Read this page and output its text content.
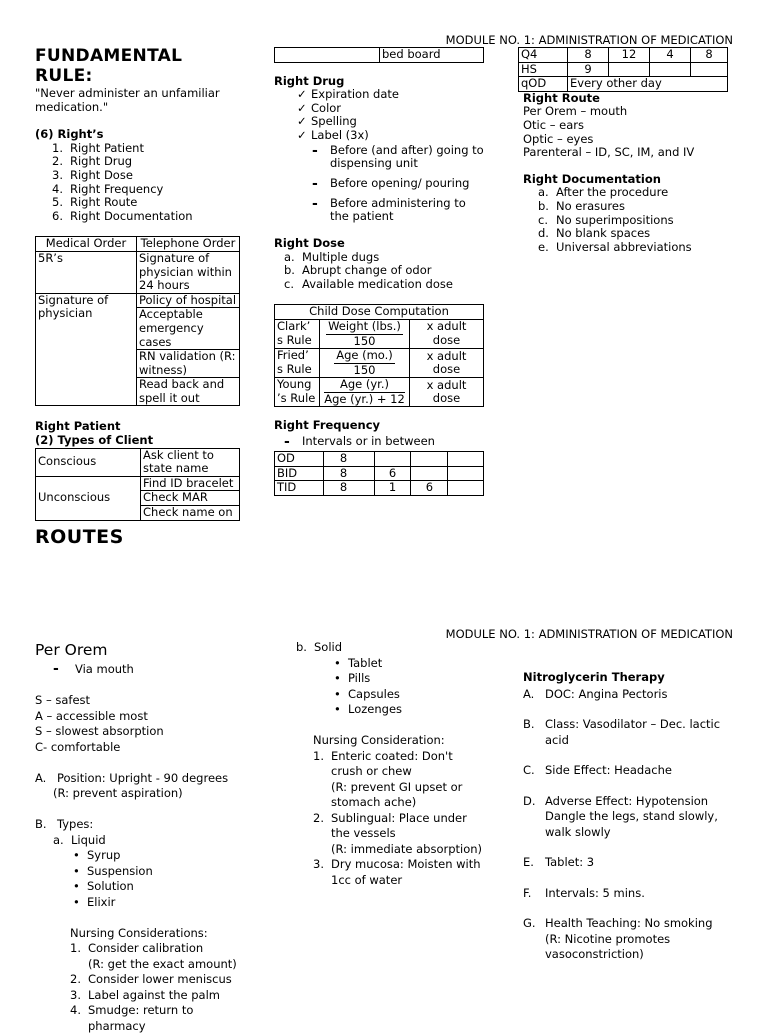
MODULE NO. 1: ADMINISTRATION OF MEDICATION
FUNDAMENTAL RULE:
"Never administer an unfamiliar medication."
(6) Right’s
1. Right Patient
2. Right Drug
3. Right Dose
4. Right Frequency
5. Right Route
6. Right Documentation
Medical Order	Telephone Order
5R’s	Signature of physician within 24 hours
Signature of physician	Policy of hospital
	Acceptable emergency cases
	RN validation (R: witness)
	Read back and spell it out
Right Patient
(2) Types of Client
Conscious	Ask client to state name
Unconscious	Find ID bracelet
	Check MAR
	Check name on
ROUTES
	bed board
Right Drug
✓ Expiration date
✓ Color
✓ Spelling
✓ Label (3x)
-	Before (and after) going to dispensing unit
-	Before opening/ pouring
-	Before administering to the patient
Right Dose
a. Multiple dugs
b. Abrupt change of odor
c. Available medication dose
Child Dose Computation		
Clark’ s Rule	$\frac{\text{Weight (lbs.)}}{150}$	x adult dose
Fried’ s Rule	$\frac{\text{Age (mo.)}}{150}$	x adult dose
Young ’s Rule	$\frac{\text{Age (yr.)}}{\text{Age (yr.) + 12}}$	x adult dose
Right Frequency
-	Intervals or in between
OD	8			
BID	8	6		
TID	8	1	6	
Q4	8	12	4	8
HS	9			
qOD	Every other day			
Right Route
Per Orem – mouth
Otic – ears
Optic – eyes
Parenteral – ID, SC, IM, and IV
Right Documentation
a. After the procedure
b. No erasures
c. No superimpositions
d. No blank spaces
e. Universal abbreviations
MODULE NO. 1: ADMINISTRATION OF MEDICATION
Per Orem
-	Via mouth
S – safest
A – accessible most
S – slowest absorption
C- comfortable
A. Position: Upright - 90 degrees
(R: prevent aspiration)
B. Types:
a. Liquid
• Syrup
• Suspension
• Solution
• Elixir
Nursing Considerations:
1. Consider calibration
(R: get the exact amount)
2. Consider lower meniscus
3. Label against the palm
4. Smudge: return to
pharmacy
b. Solid
• Tablet
• Pills
• Capsules
• Lozenges
Nursing Consideration:
1. Enteric coated: Don't
crush or chew
(R: prevent GI upset or
stomach ache)
2. Sublingual: Place under
the vessels
(R: immediate absorption)
3. Dry mucosa: Moisten with
1cc of water
Nitroglycerin Therapy
A. DOC: Angina Pectoris
B. Class: Vasodilator – Dec. lactic
acid
C. Side Effect: Headache
D. Adverse Effect: Hypotension
Dangle the legs, stand slowly,
walk slowly
E. Tablet: 3
F.	Intervals: 5 mins.
G. Health Teaching: No smoking
(R: Nicotine promotes
vasoconstriction)
